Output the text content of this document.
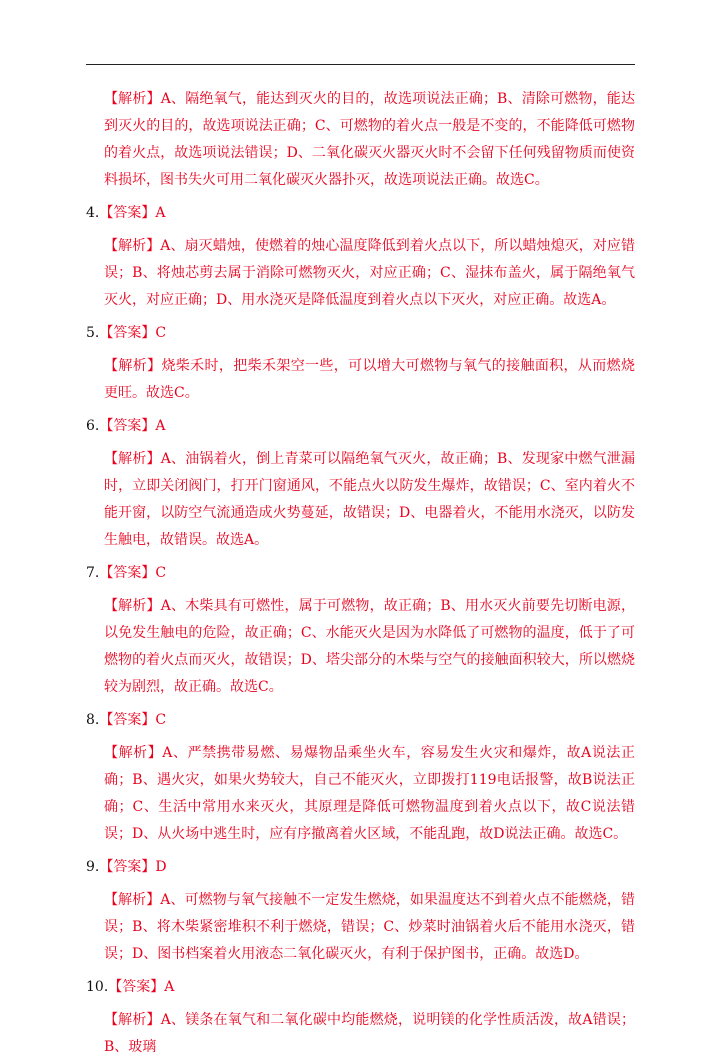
【解析】A、隔绝氧气，能达到灭火的目的，故选项说法正确；B、清除可燃物，能达到灭火的目的，故选项说法正确；C、可燃物的着火点一般是不变的，不能降低可燃物的着火点，故选项说法错误；D、二氧化碳灭火器灭火时不会留下任何残留物质而使资料损坏，图书失火可用二氧化碳灭火器扑灭，故选项说法正确。故选C。

4.【答案】A

【解析】A、扇灭蜡烛，使燃着的烛心温度降低到着火点以下，所以蜡烛熄灭，对应错误；B、将烛芯剪去属于消除可燃物灭火，对应正确；C、湿抹布盖火，属于隔绝氧气灭火，对应正确；D、用水浇灭是降低温度到着火点以下灭火，对应正确。故选A。

5.【答案】C

【解析】烧柴禾时，把柴禾架空一些，可以增大可燃物与氧气的接触面积，从而燃烧更旺。故选C。

6.【答案】A

【解析】A、油锅着火，倒上青菜可以隔绝氧气灭火，故正确；B、发现家中燃气泄漏时，立即关闭阀门，打开门窗通风，不能点火以防发生爆炸，故错误；C、室内着火不能开窗，以防空气流通造成火势蔓延，故错误；D、电器着火，不能用水浇灭，以防发生触电，故错误。故选A。

7.【答案】C

【解析】A、木柴具有可燃性，属于可燃物，故正确；B、用水灭火前要先切断电源，以免发生触电的危险，故正确；C、水能灭火是因为水降低了可燃物的温度，低于了可燃物的着火点而灭火，故错误；D、塔尖部分的木柴与空气的接触面积较大，所以燃烧较为剧烈，故正确。故选C。

8.【答案】C

【解析】A、严禁携带易燃、易爆物品乘坐火车，容易发生火灾和爆炸，故A说法正确；B、遇火灾，如果火势较大，自己不能灭火，立即拨打119电话报警，故B说法正确；C、生活中常用水来灭火，其原理是降低可燃物温度到着火点以下，故C说法错误；D、从火场中逃生时，应有序撤离着火区域，不能乱跑，故D说法正确。故选C。

9.【答案】D

【解析】A、可燃物与氧气接触不一定发生燃烧，如果温度达不到着火点不能燃烧，错误；B、将木柴紧密堆积不利于燃烧，错误；C、炒菜时油锅着火后不能用水浇灭，错误；D、图书档案着火用液态二氧化碳灭火，有利于保护图书，正确。故选D。

10.【答案】A

【解析】A、镁条在氧气和二氧化碳中均能燃烧，说明镁的化学性质活泼，故A错误；B、玻璃
